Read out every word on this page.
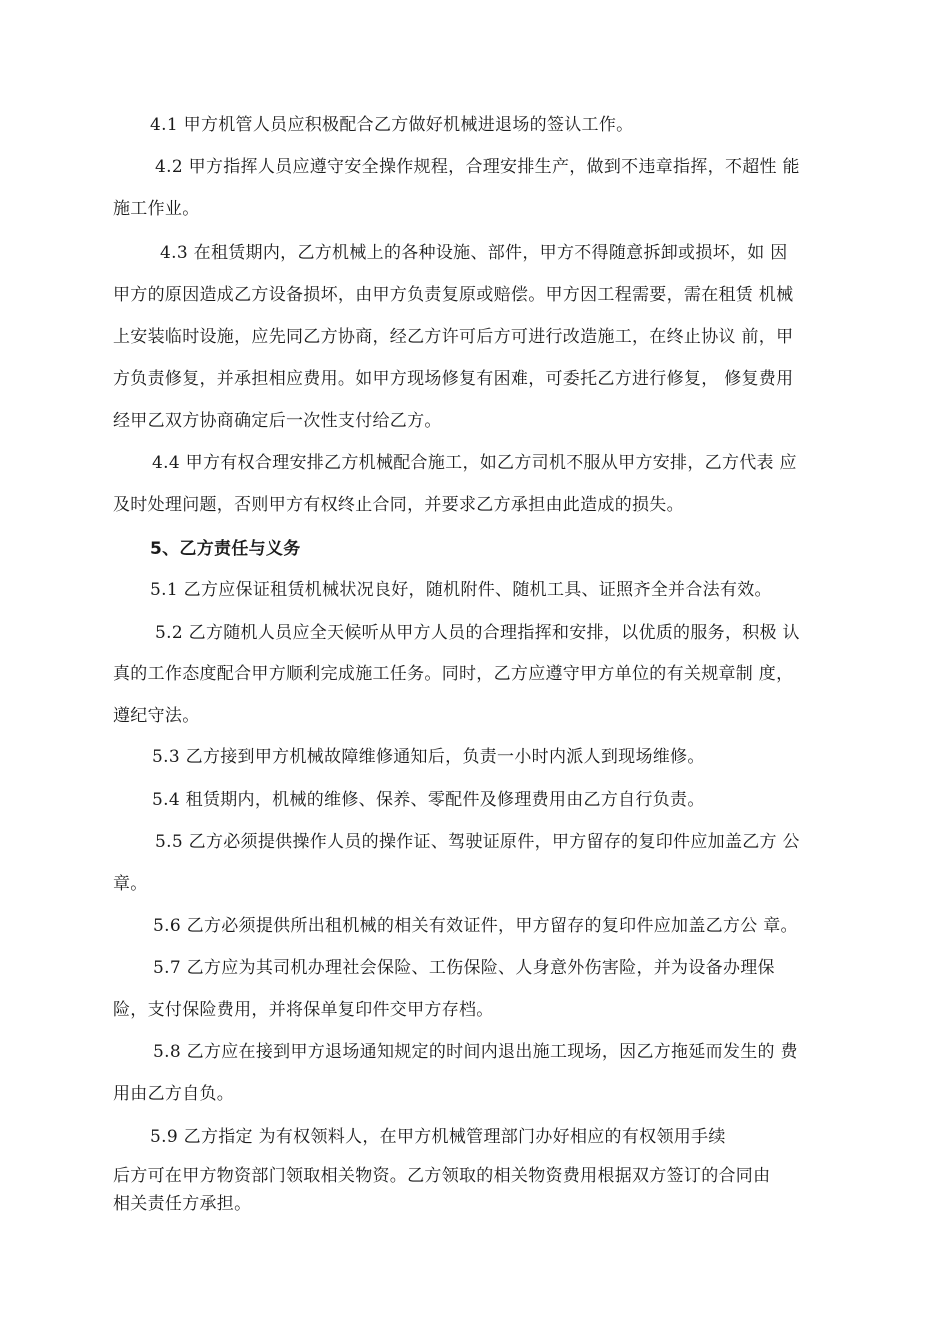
4.1 甲方机管人员应积极配合乙方做好机械进退场的签认工作。
4.2 甲方指挥人员应遵守安全操作规程，合理安排生产，做到不违章指挥，不超性 能
施工作业。
4.3 在租赁期内，乙方机械上的各种设施、部件，甲方不得随意拆卸或损坏，如 因
甲方的原因造成乙方设备损坏，由甲方负责复原或赔偿。甲方因工程需要，需在租赁 机械
上安装临时设施，应先同乙方协商，经乙方许可后方可进行改造施工，在终止协议 前，甲
方负责修复，并承担相应费用。如甲方现场修复有困难，可委托乙方进行修复， 修复费用
经甲乙双方协商确定后一次性支付给乙方。
4.4 甲方有权合理安排乙方机械配合施工，如乙方司机不服从甲方安排，乙方代表 应
及时处理问题，否则甲方有权终止合同，并要求乙方承担由此造成的损失。
5、乙方责任与义务
5.1 乙方应保证租赁机械状况良好，随机附件、随机工具、证照齐全并合法有效。
5.2 乙方随机人员应全天候听从甲方人员的合理指挥和安排，以优质的服务，积极 认
真的工作态度配合甲方顺利完成施工任务。同时，乙方应遵守甲方单位的有关规章制 度，
遵纪守法。
5.3 乙方接到甲方机械故障维修通知后，负责一小时内派人到现场维修。
5.4 租赁期内，机械的维修、保养、零配件及修理费用由乙方自行负责。
5.5 乙方必须提供操作人员的操作证、驾驶证原件，甲方留存的复印件应加盖乙方 公
章。
5.6 乙方必须提供所出租机械的相关有效证件，甲方留存的复印件应加盖乙方公 章。
5.7 乙方应为其司机办理社会保险、工伤保险、人身意外伤害险，并为设备办理保
险，支付保险费用，并将保单复印件交甲方存档。
5.8 乙方应在接到甲方退场通知规定的时间内退出施工现场，因乙方拖延而发生的 费
用由乙方自负。
5.9 乙方指定 为有权领料人，在甲方机械管理部门办好相应的有权领用手续
后方可在甲方物资部门领取相关物资。乙方领取的相关物资费用根据双方签订的合同由
相关责任方承担。
